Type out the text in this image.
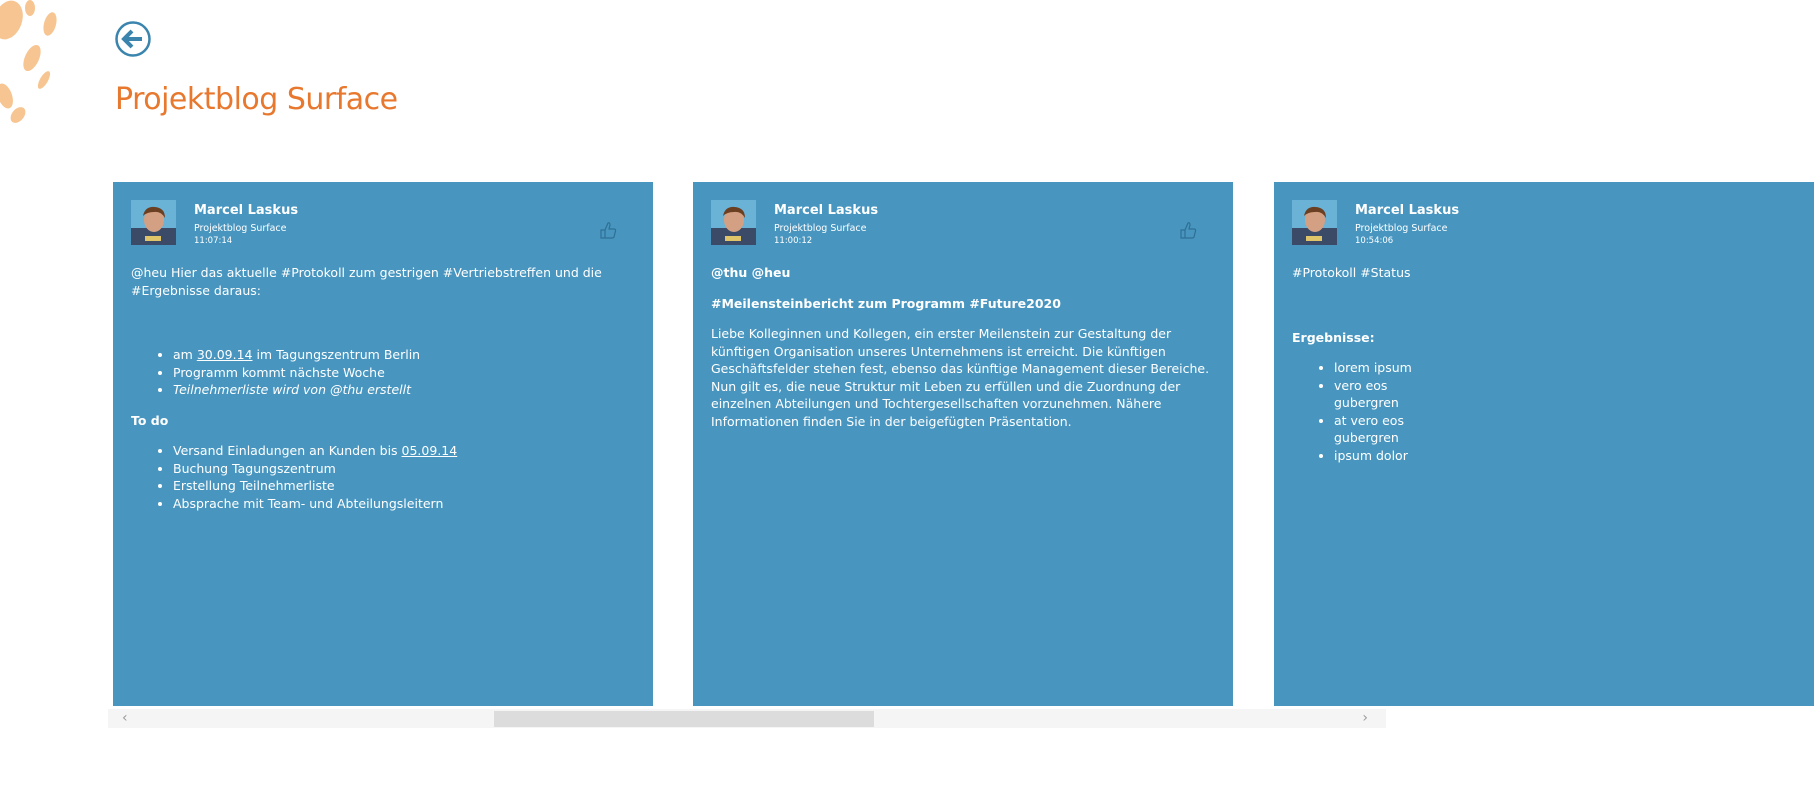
Projektblog Surface
Marcel Laskus
Projektblog Surface
11:07:14

@heu Hier das aktuelle #Protokoll zum gestrigen #Vertriebstreffen und die #Ergebnisse daraus:

• am 30.09.14 im Tagungszentrum Berlin
• Programm kommt nächste Woche
• Teilnehmerliste wird von @thu erstellt

To do

• Versand Einladungen an Kunden bis 05.09.14
• Buchung Tagungszentrum
• Erstellung Teilnehmerliste
• Absprache mit Team- und Abteilungsleitern
Marcel Laskus
Projektblog Surface
11:00:12

@thu @heu

#Meilensteinbericht zum Programm #Future2020

Liebe Kolleginnen und Kollegen, ein erster Meilenstein zur Gestaltung der künftigen Organisation unseres Unternehmens ist erreicht. Die künftigen Geschäftsfelder stehen fest, ebenso das künftige Management dieser Bereiche. Nun gilt es, die neue Struktur mit Leben zu erfüllen und die Zuordnung der einzelnen Abteilungen und Tochtergesellschaften vorzunehmen. Nähere Informationen finden Sie in der beigefügten Präsentation.

Marcel Laskus
Projektblog Surface
10:54:06

#Protokoll #Status

Ergebnisse:

• lorem ipsum
• vero eos
gubergren
• at vero eos
gubergren
• ipsum dolor
‹	›
